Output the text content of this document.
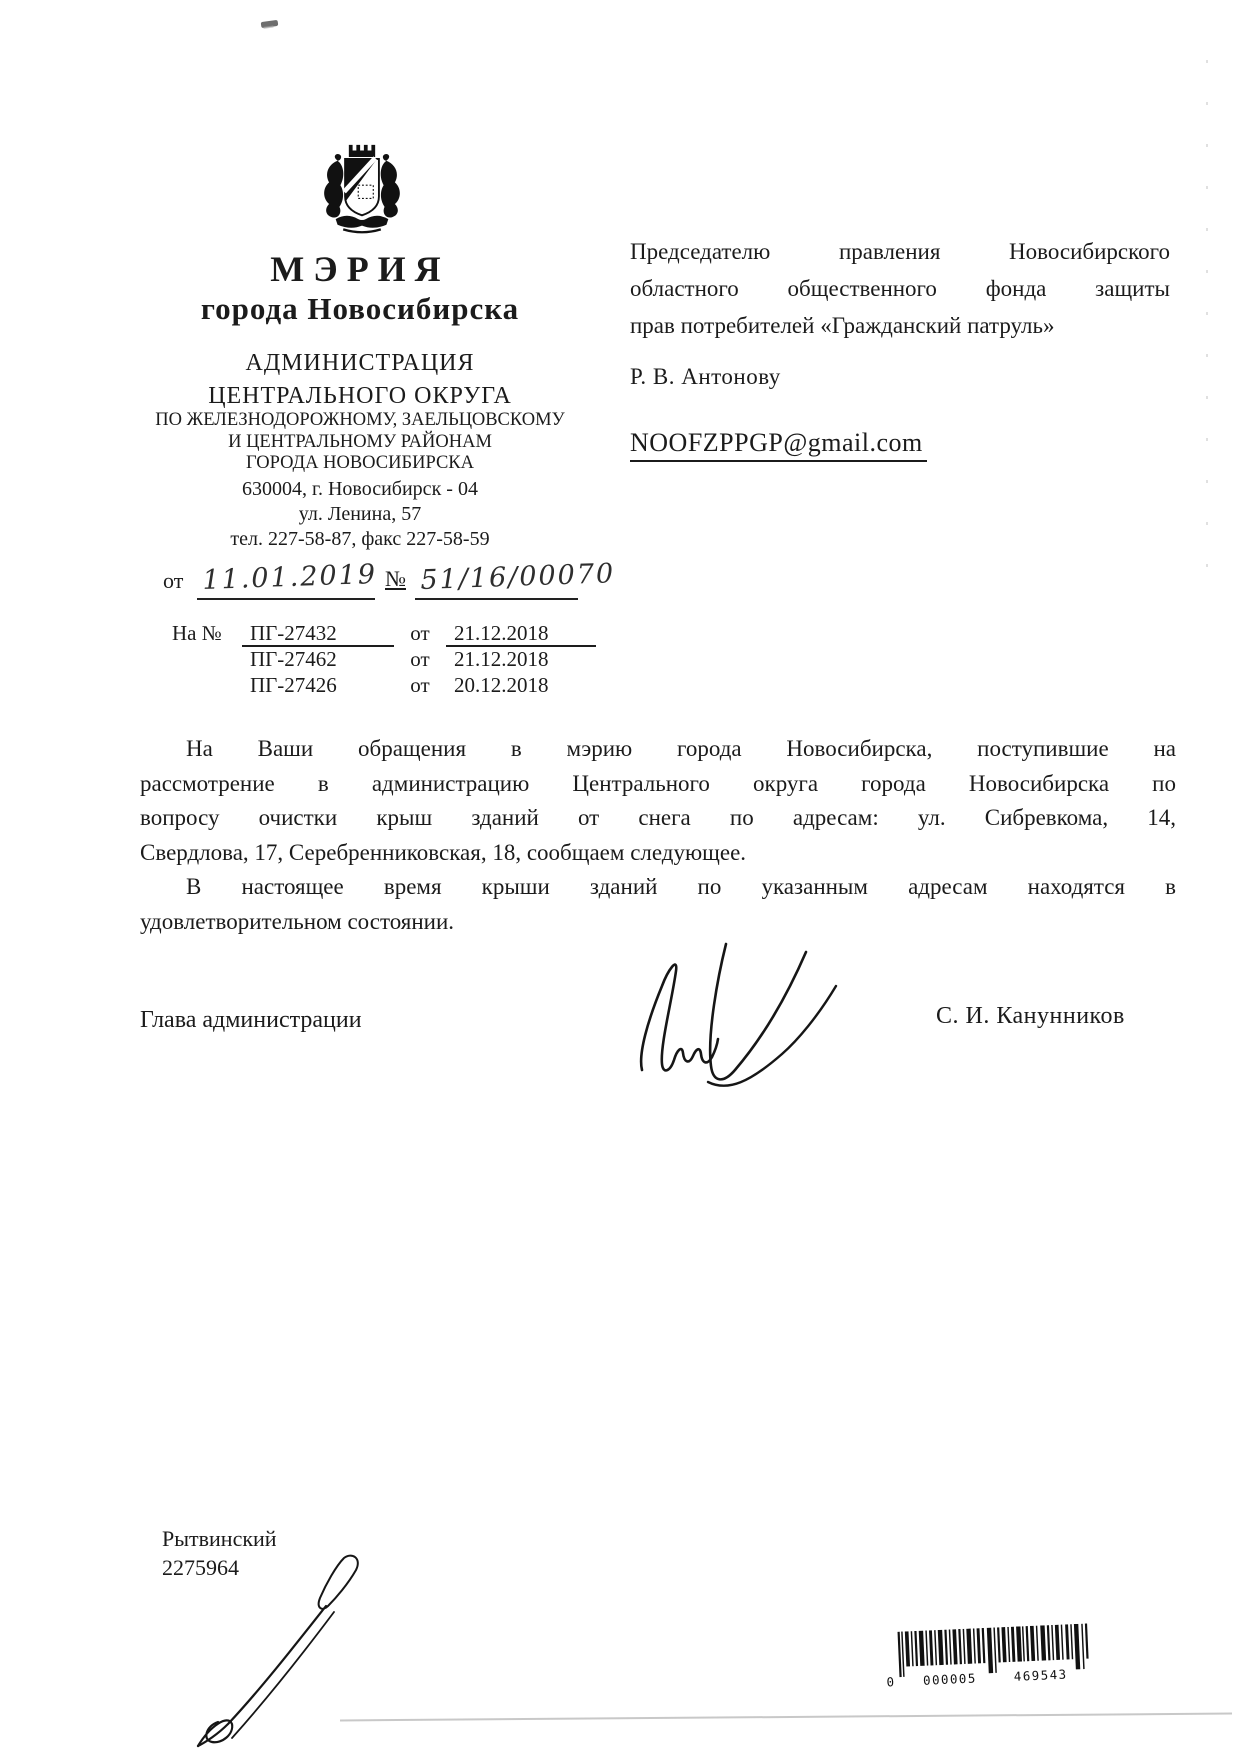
МЭРИЯ
города Новосибирска
АДМИНИСТРАЦИЯ
ЦЕНТРАЛЬНОГО ОКРУГА
ПО ЖЕЛЕЗНОДОРОЖНОМУ, ЗАЕЛЬЦОВСКОМУ
И ЦЕНТРАЛЬНОМУ РАЙОНАМ
ГОРОДА НОВОСИБИРСКА
630004, г. Новосибирск - 04
ул. Ленина, 57
тел. 227-58-87, факс 227-58-59
от 11.01.2019 № 51/16/00070
На №	ПГ-27432	от	21.12.2018
ПГ-27462	от	21.12.2018
ПГ-27426	от	20.12.2018
Председателю правления Новосибирского
областного общественного фонда защиты
прав потребителей «Гражданский патруль»
Р. В. Антонову
NOOFZPPGP@gmail.com
На Ваши обращения в мэрию города Новосибирска, поступившие на
рассмотрение в администрацию Центрального округа города Новосибирска по
вопросу очистки крыш зданий от снега по адресам: ул. Сибревкома, 14,
Свердлова, 17, Серебренниковская, 18, сообщаем следующее.
В настоящее время крыши зданий по указанным адресам находятся в
удовлетворительном состоянии.
Глава администрации	С. И. Канунников
Рытвинский
2275964
0 000005 469543
